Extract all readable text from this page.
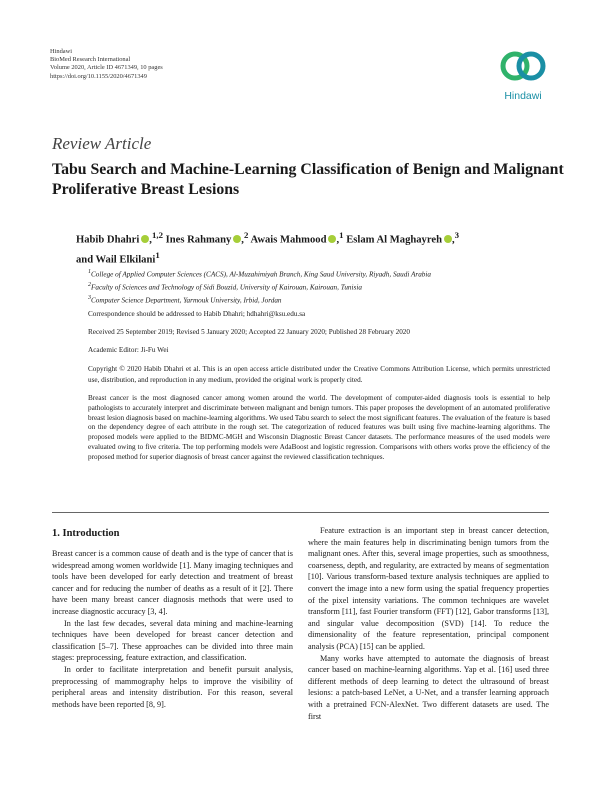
Hindawi
BioMed Research International
Volume 2020, Article ID 4671349, 10 pages
https://doi.org/10.1155/2020/4671349
Hindawi
Review Article
Tabu Search and Machine-Learning Classification of Benign and Malignant Proliferative Breast Lesions
Habib Dhahri ,$^{1,2}$ Ines Rahmany ,$^2$ Awais Mahmood ,$^1$ Eslam Al Maghayreh ,$^3$
and Wail Elkilani$^1$
$^1$College of Applied Computer Sciences (CACS), Al-Muzahimiyah Branch, King Saud University, Riyadh, Saudi Arabia
$^2$Faculty of Sciences and Technology of Sidi Bouzid, University of Kairouan, Kairouan, Tunisia
$^3$Computer Science Department, Yarmouk University, Irbid, Jordan
Correspondence should be addressed to Habib Dhahri; hdhahri@ksu.edu.sa
Received 25 September 2019; Revised 5 January 2020; Accepted 22 January 2020; Published 28 February 2020
Academic Editor: Ji-Fu Wei
Copyright © 2020 Habib Dhahri et al. This is an open access article distributed under the Creative Commons Attribution License, which permits unrestricted use, distribution, and reproduction in any medium, provided the original work is properly cited.
Breast cancer is the most diagnosed cancer among women around the world. The development of computer-aided diagnosis tools is essential to help pathologists to accurately interpret and discriminate between malignant and benign tumors. This paper proposes the development of an automated proliferative breast lesion diagnosis based on machine-learning algorithms. We used Tabu search to select the most significant features. The evaluation of the feature is based on the dependency degree of each attribute in the rough set. The categorization of reduced features was built using five machine-learning algorithms. The proposed models were applied to the BIDMC-MGH and Wisconsin Diagnostic Breast Cancer datasets. The performance measures of the used models were evaluated owing to five criteria. The top performing models were AdaBoost and logistic regression. Comparisons with others works prove the efficiency of the proposed method for superior diagnosis of breast cancer against the reviewed classification techniques.
1. Introduction

Breast cancer is a common cause of death and is the type of cancer that is widespread among women worldwide [1]. Many imaging techniques and tools have been developed for early detection and treatment of breast cancer and for reducing the number of deaths as a result of it [2]. There have been many breast cancer diagnosis methods that were used to increase diagnostic accuracy [3, 4].

In the last few decades, several data mining and machine-learning techniques have been developed for breast cancer detection and classification [5–7]. These approaches can be divided into three main stages: preprocessing, feature extraction, and classification.

In order to facilitate interpretation and benefit pursuit analysis, preprocessing of mammography helps to improve the visibility of peripheral areas and intensity distribution. For this reason, several methods have been reported [8, 9].

Feature extraction is an important step in breast cancer detection, where the main features help in discriminating benign tumors from the malignant ones. After this, several image properties, such as smoothness, coarseness, depth, and regularity, are extracted by means of segmentation [10]. Various transform-based texture analysis techniques are applied to convert the image into a new form using the spatial frequency properties of the pixel intensity variations. The common techniques are wavelet transform [11], fast Fourier transform (FFT) [12], Gabor transforms [13], and singular value decomposition (SVD) [14]. To reduce the dimensionality of the feature representation, principal component analysis (PCA) [15] can be applied.

Many works have attempted to automate the diagnosis of breast cancer based on machine-learning algorithms. Yap et al. [16] used three different methods of deep learning to detect the ultrasound of breast lesions: a patch-based LeNet, a U-Net, and a transfer learning approach with a pretrained FCN-AlexNet. Two different datasets are used. The first
